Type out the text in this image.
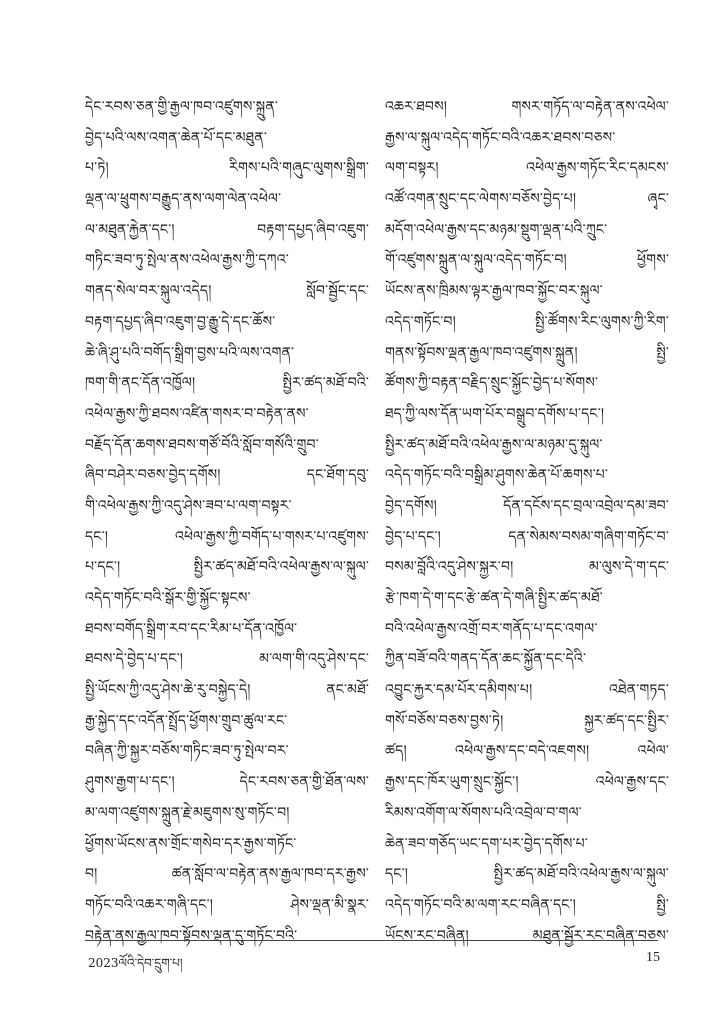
དེང་རབས་ཅན་གྱི་རྒྱལ་ཁབ་འཛུགས་སྐྲུན་
བྱེད་པའི་ལས་འགན་ཆེན་པོ་དང་མཐུན་
པ་ཏེ། རིགས་པའི་གཞུང་ལུགས་སྒྲིག་
ལྡན་ལ་ཕྲུགས་བརྒྱུད་ནས་ལག་ལེན་འཕེལ་
ལ་མཐུན་རྐྱེན་དང་། བརྟག་དཔྱད་ཞིབ་འཇུག་
གཏིང་ཟབ་ཏུ་སྤེལ་ནས་འཕེལ་རྒྱས་ཀྱི་དཀའ་
གནད་སེལ་བར་སྐུལ་འདེད། སློབ་སྦྱོང་དང་
བརྟག་དཔྱད་ཞིབ་འཇུག་བྱ་རྒྱུ་དེ་དང་ཆོས་
ཆེ་ཞི་ཤུ་པའི་བགོད་སྒྲིག་བྱས་པའི་ལས་འགན་
ཁག་གི་ནང་དོན་འཁྱོལ། སྤྱིར་ཚད་མཐོ་བའི་
འཕེལ་རྒྱས་ཀྱི་ཐབས་འཛིན་གསར་བ་བརྟེན་ནས་
བརྗོད་དོན་ཆགས་ཐབས་གཙོ་བོའི་སློབ་གསོའི་གྲུབ་
ཞིབ་བཤེར་བཅས་བྱེད་དགོས། དང་ཐོག་དབུ་
གི་འཕེལ་རྒྱས་ཀྱི་འདུ་ཤེས་ཟབ་པ་ལག་བསྟར་
དང་། འཕེལ་རྒྱས་ཀྱི་བགོད་པ་གསར་པ་འཛུགས་
པ་དང་། སྤྱིར་ཚད་མཐོ་བའི་འཕེལ་རྒྱས་ལ་སྐུལ་
འདེད་གཏོང་བའི་སྒོར་གྱི་སྐྱོང་སྟངས་
ཐབས་བགོད་སྒྲིག་རབ་དང་རིམ་པ་དོན་འཁྱོལ་
ཐབས་དེ་བྱེད་པ་དང་། མ་ལག་གི་འདུ་ཤེས་དང་
སྤྱི་ཡོངས་ཀྱི་འདུ་ཤེས་ཆེ་རུ་བསྐྱེད་དེ། ནང་མཐོ་
རྒྱ་སྐྱེད་དང་འདོན་སྤྲོད་ཕྱོགས་གྲུབ་ཚུལ་རང་
བཞིན་ཀྱི་སྐྱར་བཅོས་གཏིང་ཟབ་ཏུ་སྤེལ་བར་
ཤུགས་རྒྱག་པ་དང་། དེང་རབས་ཅན་གྱི་ཐོན་ལས་
མ་ལག་འཛུགས་སྐྲུན་རྗེ་མཇུགས་སུ་གཏོང་བ།
ཕྱོགས་ཡོངས་ནས་གྲོང་གསེབ་དར་རྒྱས་གཏོང་
བ། ཚན་སློབ་ལ་བརྟེན་ནས་རྒྱལ་ཁབ་དར་རྒྱས་
གཏོང་བའི་འཆར་གཞི་དང་། ཤེས་ལྡན་མི་སྣར་
བརྟེན་ནས་རྒྱལ་ཁབ་སྟོབས་ལྡན་དུ་གཏོང་བའི་
འཆར་ཐབས། གསར་གཏོད་ལ་བརྟེན་ནས་འཕེལ་
རྒྱས་ལ་སྐུལ་འདེད་གཏོང་བའི་འཆར་ཐབས་བཅས་
ལག་བསྟར། འཕེལ་རྒྱས་གཏོང་རིང་དམངས་
འཚོ་འགན་སྲུང་དང་ལེགས་བཅོས་བྱེད་པ། ཞྭང་
མདོག་འཕེལ་རྒྱས་དང་མཉམ་སྡུག་ལྡན་པའི་ཀྲུང་
གོ་འཛུགས་སྐྲུན་ལ་སྐུལ་འདེད་གཏོང་བ། ཕྱོགས་
ཡོངས་ནས་ཁྲིམས་ལྟར་རྒྱལ་ཁབ་སྐྱོང་བར་སྐུལ་
འདེད་གཏོང་བ། སྤྱི་ཚོགས་རིང་ལུགས་ཀྱི་རིག་
གནས་སྟོབས་ལྡན་རྒྱལ་ཁབ་འཛུགས་སྐྲུན། སྤྱི་
ཚོགས་ཀྱི་བརྟན་བརྗིད་སྲུང་སྐྱོང་བྱེད་པ་སོགས་
ཐད་ཀྱི་ལས་དོན་ཡག་པོར་བསྒྲུབ་དགོས་པ་དང་།
སྤྱིར་ཚད་མཐོ་བའི་འཕེལ་རྒྱས་ལ་མཉམ་དུ་སྐུལ་
འདེད་གཏོང་བའི་བསྒྲིམ་ཤུགས་ཆེན་པོ་ཆགས་པ་
བྱེད་དགོས། དོན་དངོས་དང་བྲལ་འབྲེལ་དམ་ཟབ་
བྱེད་པ་དང་། དན་སེམས་བསམ་གཞིག་གཏོང་བ་
བསམ་བློའི་འདུ་ཤེས་སྐྱར་བ། མ་ལུས་དེ་ག་དང་
རྩེ་ཁག་དེ་ག་དང་རྩེ་ཚན་དེ་གཞི་སྤྱིར་ཚད་མཐོ་
བའི་འཕེལ་རྒྱས་འགྲོ་བར་གནོད་པ་དང་འགལ་
ཀྱིན་བཟོ་བའི་གནད་དོན་ཆང་སྐྱོན་དང་དེའི་
འབྱུང་རྐྱར་དམ་པོར་དམིགས་པ། འཐེན་གཏད་
གསོ་བཅོས་བཅས་བྱས་ཏེ། སྐྱར་ཚད་དང་སྤྱིར་
ཚད། འཕེལ་རྒྱས་དང་བདེ་འཇགས། འཕེལ་
རྒྱས་དང་ཁོར་ཡུག་སྲུང་སྐྱོང་། འཕེལ་རྒྱས་དང་
རིམས་འགོག་ལ་སོགས་པའི་འབྲེལ་བ་གལ་
ཆེན་ཟབ་གཅོད་ཡང་དག་པར་བྱེད་དགོས་པ་
དང་། སྤྱིར་ཚད་མཐོ་བའི་འཕེལ་རྒྱས་ལ་སྐུལ་
འདེད་གཏོང་བའི་མ་ལག་རང་བཞིན་དང་། སྤྱི་
ཡོངས་རང་བཞིན། མཐུན་སྦྱོར་རང་བཞིན་བཅས་
2023ལོའི་དེབ་དྲུག་པ།	15
